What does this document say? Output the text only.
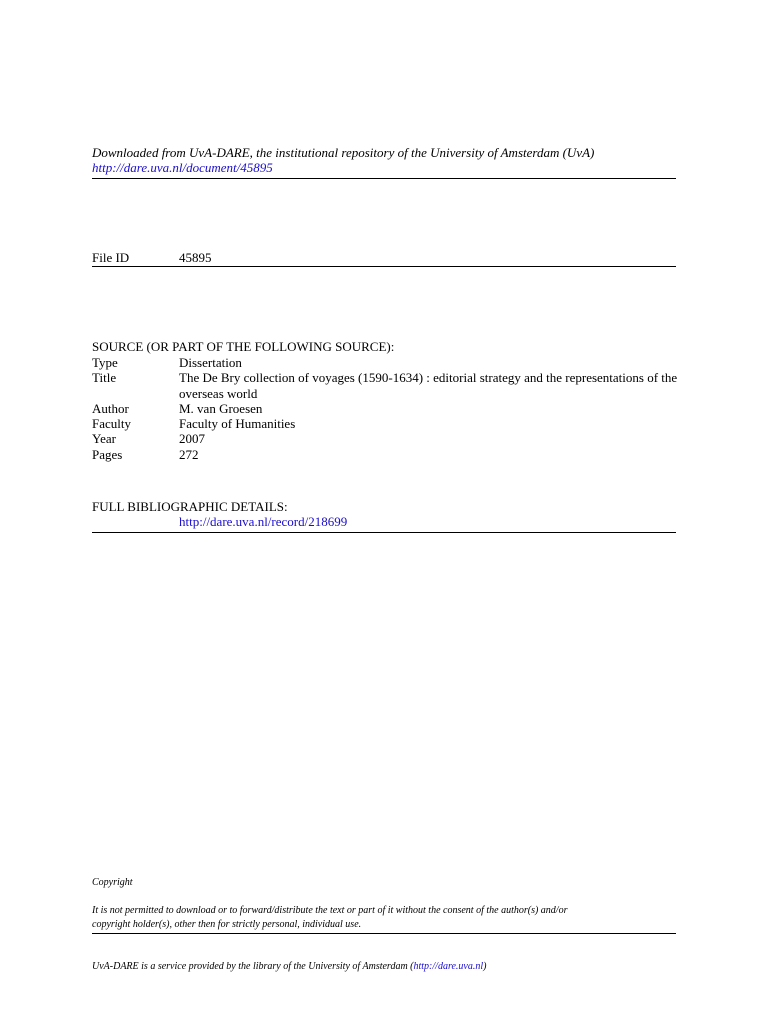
Downloaded from UvA-DARE, the institutional repository of the University of Amsterdam (UvA)
http://dare.uva.nl/document/45895
File ID	45895
SOURCE (OR PART OF THE FOLLOWING SOURCE):
Type	Dissertation
Title	The De Bry collection of voyages (1590-1634) : editorial strategy and the representations of the
overseas world
Author	M. van Groesen
Faculty	Faculty of Humanities
Year	2007
Pages	272
FULL BIBLIOGRAPHIC DETAILS:
http://dare.uva.nl/record/218699
Copyright
It is not permitted to download or to forward/distribute the text or part of it without the consent of the author(s) and/or
copyright holder(s), other then for strictly personal, individual use.
UvA-DARE is a service provided by the library of the University of Amsterdam (http://dare.uva.nl)
